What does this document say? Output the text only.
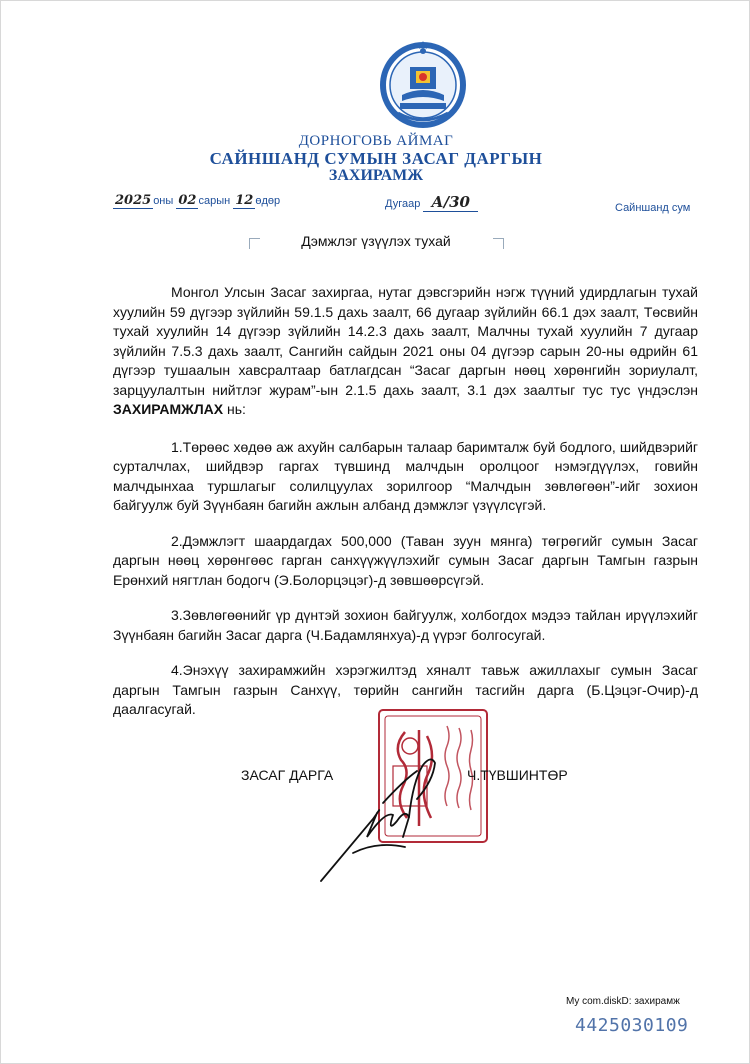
ДОРНОГОВЬ АЙМАГ
САЙНШАНД СУМЫН ЗАСАГ ДАРГЫН
ЗАХИРАМЖ
2025 оны 02 сарын 12 өдөр	Дугаар А/30	Сайншанд сум
Дэмжлэг үзүүлэх тухай

Монгол Улсын Засаг захиргаа, нутаг дэвсгэрийн нэгж түүний удирдлагын тухай хуулийн 59 дүгээр зүйлийн 59.1.5 дахь заалт, 66 дугаар зүйлийн 66.1 дэх заалт, Төсвийн тухай хуулийн 14 дүгээр зүйлийн 14.2.3 дахь заалт, Малчны тухай хуулийн 7 дугаар зүйлийн 7.5.3 дахь заалт, Сангийн сайдын 2021 оны 04 дүгээр сарын 20-ны өдрийн 61 дүгээр тушаалын хавсралтаар батлагдсан “Засаг даргын нөөц хөрөнгийн зориулалт, зарцуулалтын нийтлэг журам”-ын 2.1.5 дахь заалт, 3.1 дэх заалтыг тус тус үндэслэн ЗАХИРАМЖЛАХ нь:

1.Төрөөс хөдөө аж ахуйн салбарын талаар баримталж буй бодлого, шийдвэрийг сурталчлах, шийдвэр гаргах түвшинд малчдын оролцоог нэмэгдүүлэх, говийн малчдынхаа туршлагыг солилцуулах зорилгоор “Малчдын зөвлөгөөн”-ийг зохион байгуулж буй Зүүнбаян багийн ажлын албанд дэмжлэг үзүүлсүгэй.

2.Дэмжлэгт шаардагдах 500,000 (Таван зуун мянга) төгрөгийг сумын Засаг даргын нөөц хөрөнгөөс гарган санхүүжүүлэхийг сумын Засаг даргын Тамгын газрын Ерөнхий нягтлан бодогч (Э.Болорцэцэг)-д зөвшөөрсүгэй.

3.Зөвлөгөөнийг үр дүнтэй зохион байгуулж, холбогдох мэдээ тайлан ирүүлэхийг Зүүнбаян багийн Засаг дарга (Ч.Бадамлянхуа)-д үүрэг болгосугай.

4.Энэхүү захирамжийн хэрэгжилтэд хяналт тавьж ажиллахыг сумын Засаг даргын Тамгын газрын Санхүү, төрийн сангийн тасгийн дарга (Б.Цэцэг-Очир)-д даалгасугай.

ЗАСАГ ДАРГА	Ч.ТҮВШИНТӨР
My com.diskD: захирамж
4425030109
